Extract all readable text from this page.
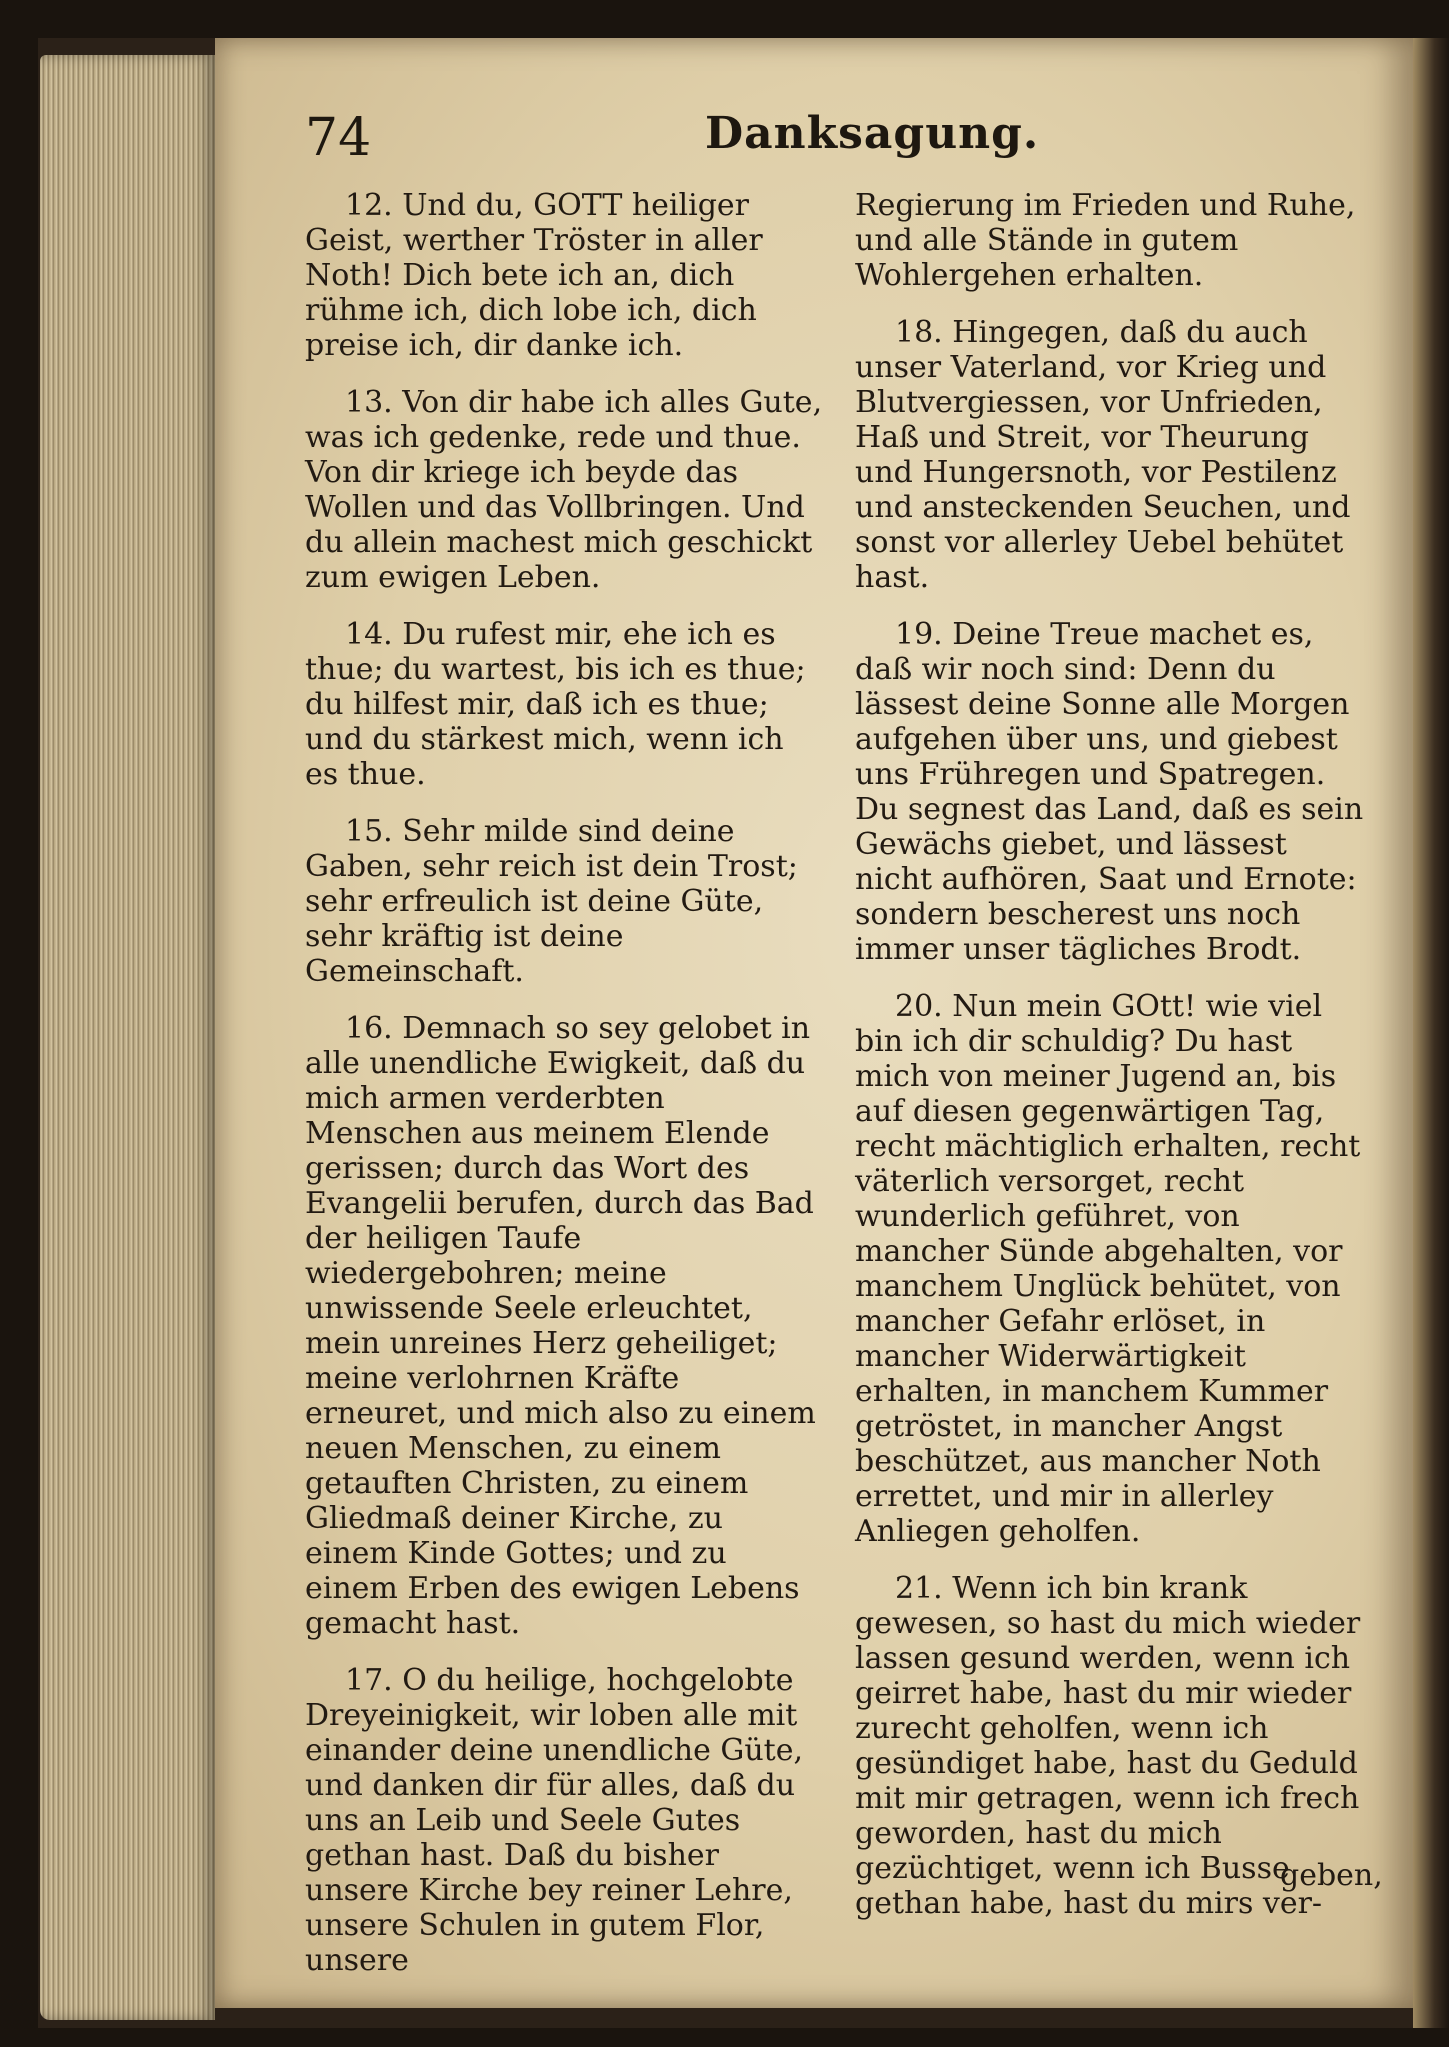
74	Danksagung.

12. Und du, GOTT heiliger Geist, werther Tröster in aller Noth! Dich bete ich an, dich rühme ich, dich lobe ich, dich preise ich, dir danke ich.

13. Von dir habe ich alles Gute, was ich gedenke, rede und thue. Von dir kriege ich beyde das Wollen und das Vollbringen. Und du allein machest mich geschickt zum ewigen Leben.

14. Du rufest mir, ehe ich es thue; du wartest, bis ich es thue; du hilfest mir, daß ich es thue; und du stärkest mich, wenn ich es thue.

15. Sehr milde sind deine Gaben, sehr reich ist dein Trost; sehr erfreulich ist deine Güte, sehr kräftig ist deine Gemeinschaft.

16. Demnach so sey gelobet in alle unendliche Ewigkeit, daß du mich armen verderbten Menschen aus meinem Elende gerissen; durch das Wort des Evangelii berufen, durch das Bad der heiligen Taufe wiedergebohren; meine unwissende Seele erleuchtet, mein unreines Herz geheiliget; meine verlohrnen Kräfte erneuret, und mich also zu einem neuen Menschen, zu einem getauften Christen, zu einem Gliedmaß deiner Kirche, zu einem Kinde Gottes; und zu einem Erben des ewigen Lebens gemacht hast.

17. O du heilige, hochgelobte Dreyeinigkeit, wir loben alle mit einander deine unendliche Güte, und danken dir für alles, daß du uns an Leib und Seele Gutes gethan hast. Daß du bisher unsere Kirche bey reiner Lehre, unsere Schulen in gutem Flor, unsere

Regierung im Frieden und Ruhe, und alle Stände in gutem Wohlergehen erhalten.

18. Hingegen, daß du auch unser Vaterland, vor Krieg und Blutvergiessen, vor Unfrieden, Haß und Streit, vor Theurung und Hungersnoth, vor Pestilenz und ansteckenden Seuchen, und sonst vor allerley Uebel behütet hast.

19. Deine Treue machet es, daß wir noch sind: Denn du lässest deine Sonne alle Morgen aufgehen über uns, und giebest uns Frühregen und Spatregen. Du segnest das Land, daß es sein Gewächs giebet, und lässest nicht aufhören, Saat und Ernote: sondern bescherest uns noch immer unser tägliches Brodt.

20. Nun mein GOtt! wie viel bin ich dir schuldig? Du hast mich von meiner Jugend an, bis auf diesen gegenwärtigen Tag, recht mächtiglich erhalten, recht väterlich versorget, recht wunderlich geführet, von mancher Sünde abgehalten, vor manchem Unglück behütet, von mancher Gefahr erlöset, in mancher Widerwärtigkeit erhalten, in manchem Kummer getröstet, in mancher Angst beschützet, aus mancher Noth errettet, und mir in allerley Anliegen geholfen.

21. Wenn ich bin krank gewesen, so hast du mich wieder lassen gesund werden, wenn ich geirret habe, hast du mir wieder zurecht geholfen, wenn ich gesündiget habe, hast du Geduld mit mir getragen, wenn ich frech geworden, hast du mich gezüchtiget, wenn ich Busse gethan habe, hast du mirs ver-

geben,
